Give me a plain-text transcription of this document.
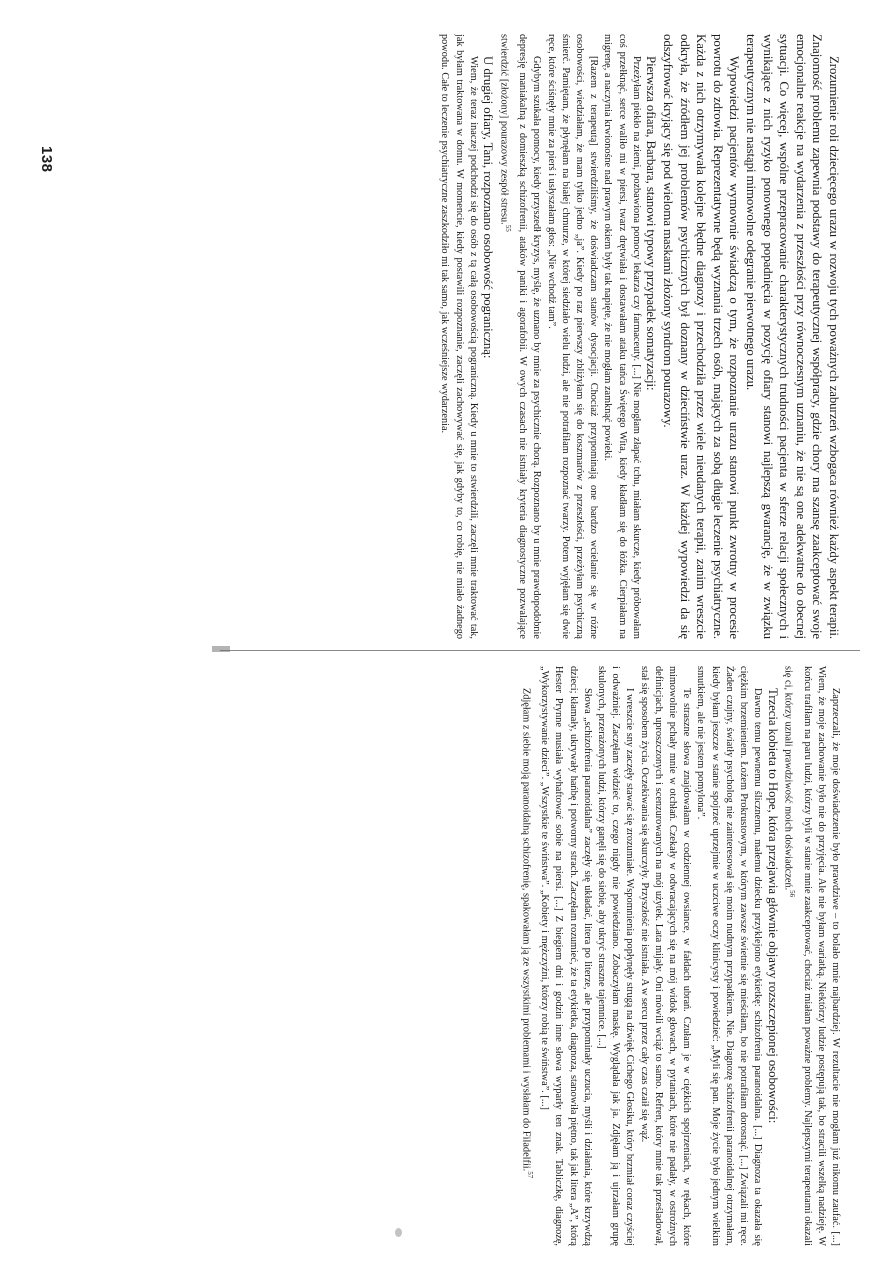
Zrozumienie roli dziecięcego urazu w rozwoju tych poważnych zaburzeń wzbogaca również każdy aspekt terapii. Znajomość problemu zapewnia podstawy do terapeutycznej współpracy, gdzie chory ma szansę zaakceptować swoje emocjonalne reakcje na wydarzenia z przeszłości przy równoczesnym uznaniu, że nie są one adekwatne do obecnej sytuacji. Co więcej, wspólne przepracowanie charakterystycznych trudności pacjenta w sferze relacji społecznych i wynikające z nich ryzyko ponownego popadnięcia w pozycję ofiary stanowi najlepszą gwarancję, że w związku terapeutycznym nie nastąpi mimowolne odegranie pierwotnego urazu.

Wypowiedzi pacjentów wymownie świadczą o tym, że rozpoznanie urazu stanowi punkt zwrotny w procesie powrotu do zdrowia. Reprezentatywne będą wyznania trzech osób, mających za sobą długie leczenie psychiatryczne. Każda z nich otrzymywała kolejne błędne diagnozy i przechodziła przez wiele nieudanych terapii, zanim wreszcie odkryła, że źródłem jej problemów psychicznych był doznany w dzieciństwie uraz. W każdej wypowiedzi da się odszyfrować kryjący się pod wieloma maskami złożony syndrom pourazowy.

Pierwsza ofiara, Barbara, stanowi typowy przypadek somatyzacji:

Przeżyłam piekło na ziemi, pozbawiona pomocy lekarza czy farmaceuty. [...] Nie mogłam złapać tchu, miałam skurcze, kiedy próbowałam coś przełknąć, serce waliło mi w piersi, twarz drętwiała i dostawałam ataku tańca Świętego Wita, kiedy kładłam się do łóżka. Cierpiałam na migrenę, a naczynia krwionośne nad prawym okiem były tak napięte, że nie mogłam zamknąć powieki.

[Razem z terapeutą] stwierdziliśmy, że doświadczam stanów dysocjacji. Chociaż przypominają one bardzo wcielanie się w różne osobowości, wiedziałam, że mam tylko jedno „ja”. Kiedy po raz pierwszy zbliżyłam się do koszmarów z przeszłości, przeżyłam psychiczną śmierć. Pamiętam, że płynęłam na białej chmurze, w której siedziało wielu ludzi, ale nie potrafiłam rozpoznać twarzy. Potem wyjęłam się dwie ręce, które ściśnęły mnie za pierś i usłyszałam głos: „Nie wchodź tam”.

Gdybym szukała pomocy, kiedy przyszedł kryzys, myślę, że uznano by mnie za psychicznie chorą. Rozpoznano by u mnie prawdopodobnie depresję maniakalną z domieszką schizofrenii, ataków paniki i agorafobii. W owych czasach nie istniały kryteria diagnostyczne pozwalające stwierdzić [złożony] pourazowy zespół stresu.$^{55}$

U drugiej ofiary, Tani, rozpoznano osobowość pograniczną:

Wiem, że teraz inaczej podchodzi się do osób z tą całą osobowością pograniczną. Kiedy u mnie to stwierdzili, zaczęli mnie traktować tak, jak byłam traktowana w domu. W momencie, kiedy postawili rozpoznanie, zaczęli zachowywać się, jak gdyby to, co robię, nie miało żadnego powodu. Całe to leczenie psychiatryczne zaszkodziło mi tak samo, jak wcześniejsze wydarzenia.

Zaprzeczali, że moje doświadczenie było prawdziwe – to bolało mnie najbardziej. W rezultacie nie mogłam już nikomu zaufać. [...] Wiem, że moje zachowanie było nie do przyjęcia. Ale nie byłam wariatką. Niektórzy ludzie postępują tak, bo stracili wszelką nadzieję. W końcu trafiłam na paru ludzi, którzy byli w stanie mnie zaakceptować, chociaż miałam poważne problemy. Najlepszymi terapeutami okazali się ci, którzy uznali prawdziwość moich doświadczeń.$^{56}$

Trzecia kobieta to Hope, która przejawia głównie objawy rozszczepionej osobowości:

Dawno temu pewnemu ślicznemu, małemu dziecku przyklejono etykietkę: schizofrenia paranoidalna. [...] Diagnoza ta okazała się ciężkim brzemieniem. Łożem Prokrustowym, w którym zawsze świetnie się mieściłam, bo nie potrafiłam dorosnąć. [...] Związali mi ręce. Żaden czujny, światły psycholog nie zainteresował się moim nudnym przypadkiem. Nie. Diagnozę schizofrenii paranoidalnej otrzymałam, kiedy byłam jeszcze w stanie spojrzeć uprzejmie w uczciwe oczy klinicysty i powiedzieć: „Myli się pan. Moje życie było jednym wielkim smutkiem, ale nie jestem pomylona”.

Te straszne słowa znajdowałam w codziennej owsiance, w fałdach ubrań. Czułam je w ciężkich spojrzeniach, w rękach, które mimowolnie pchały mnie w otchłań. Czekały w odwracających się na mój widok głowach, w pytaniach, które nie padały, w ostrożnych definicjach, uproszczonych i scenzurowanych na mój użytek. Lata mijały. Oni mówili wciąż to samo. Refren, który mnie tak prześladował, stał się sposobem życia. Oczekiwania się skurczyły. Przyszłość nie istniała. A w sercu przez cały czas czaił się wąż.

I wreszcie sny zaczęły stawać się zrozumiałe. Wspomnienia popłynęły strugą na dźwięk Cichego Głosiku, który brzmiał coraz czyściej i odważniej. Zaczęłam widzieć to, czego nigdy nie powiedziano. Zobaczyłam maskę. Wyglądała jak ja. Zdjęłam ją i ujrzałam grupę skulonych, przerażonych ludzi, którzy ganęli się do siebie, aby ukryć straszne tajemnice. [...]

Słowa „schizofrenia paranoidalna” zaczęły się układać, litera po literze, ale przypominały uczucia, myśli i działania, które krzywdzą dzieci; kłamały, ukrywały hańbę i potworny strach. Zaczęłam rozumieć, że ta etykietka, diagnoza, stanowiła piętno, tak jak litera „A”, którą Hester Prynne musiała wyhaftować sobie na piersi. [...] Z biegiem dni i godzin inne słowa wyparły ten znak. Tabliczkę, diagnozę, „Wykorzystywanie dzieci”. „Wszystkie te świństwa”. „Kobiety i mężczyźni, którzy robią te świństwa”. [...]

Zdjęłam z siebie moją paranoidalną schizofrenię, spakowałam ją ze wszystkimi problemami i wysłałam do Filadelfii.$^{57}$

138
